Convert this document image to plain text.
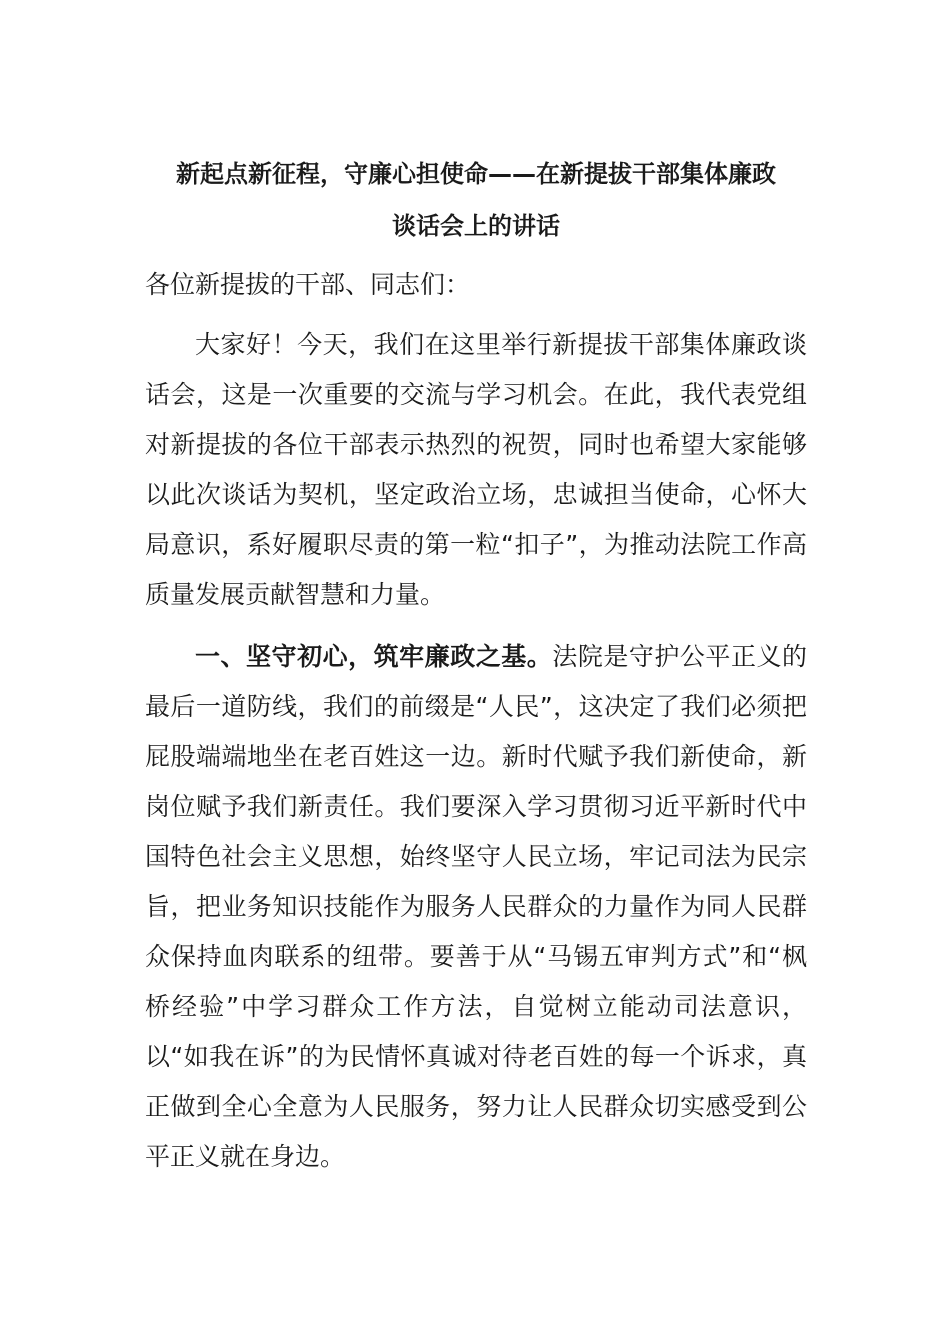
新起点新征程，守廉心担使命——在新提拔干部集体廉政
谈话会上的讲话

各位新提拔的干部、同志们：

大家好！今天，我们在这里举行新提拔干部集体廉政谈话会，这是一次重要的交流与学习机会。在此，我代表党组对新提拔的各位干部表示热烈的祝贺，同时也希望大家能够以此次谈话为契机，坚定政治立场，忠诚担当使命，心怀大局意识，系好履职尽责的第一粒“扣子”，为推动法院工作高质量发展贡献智慧和力量。

一、坚守初心，筑牢廉政之基。法院是守护公平正义的最后一道防线，我们的前缀是“人民”，这决定了我们必须把屁股端端地坐在老百姓这一边。新时代赋予我们新使命，新岗位赋予我们新责任。我们要深入学习贯彻习近平新时代中国特色社会主义思想，始终坚守人民立场，牢记司法为民宗旨，把业务知识技能作为服务人民群众的力量作为同人民群众保持血肉联系的纽带。要善于从“马锡五审判方式”和“枫桥经验”中学习群众工作方法，自觉树立能动司法意识，以“如我在诉”的为民情怀真诚对待老百姓的每一个诉求，真正做到全心全意为人民服务，努力让人民群众切实感受到公平正义就在身边。
